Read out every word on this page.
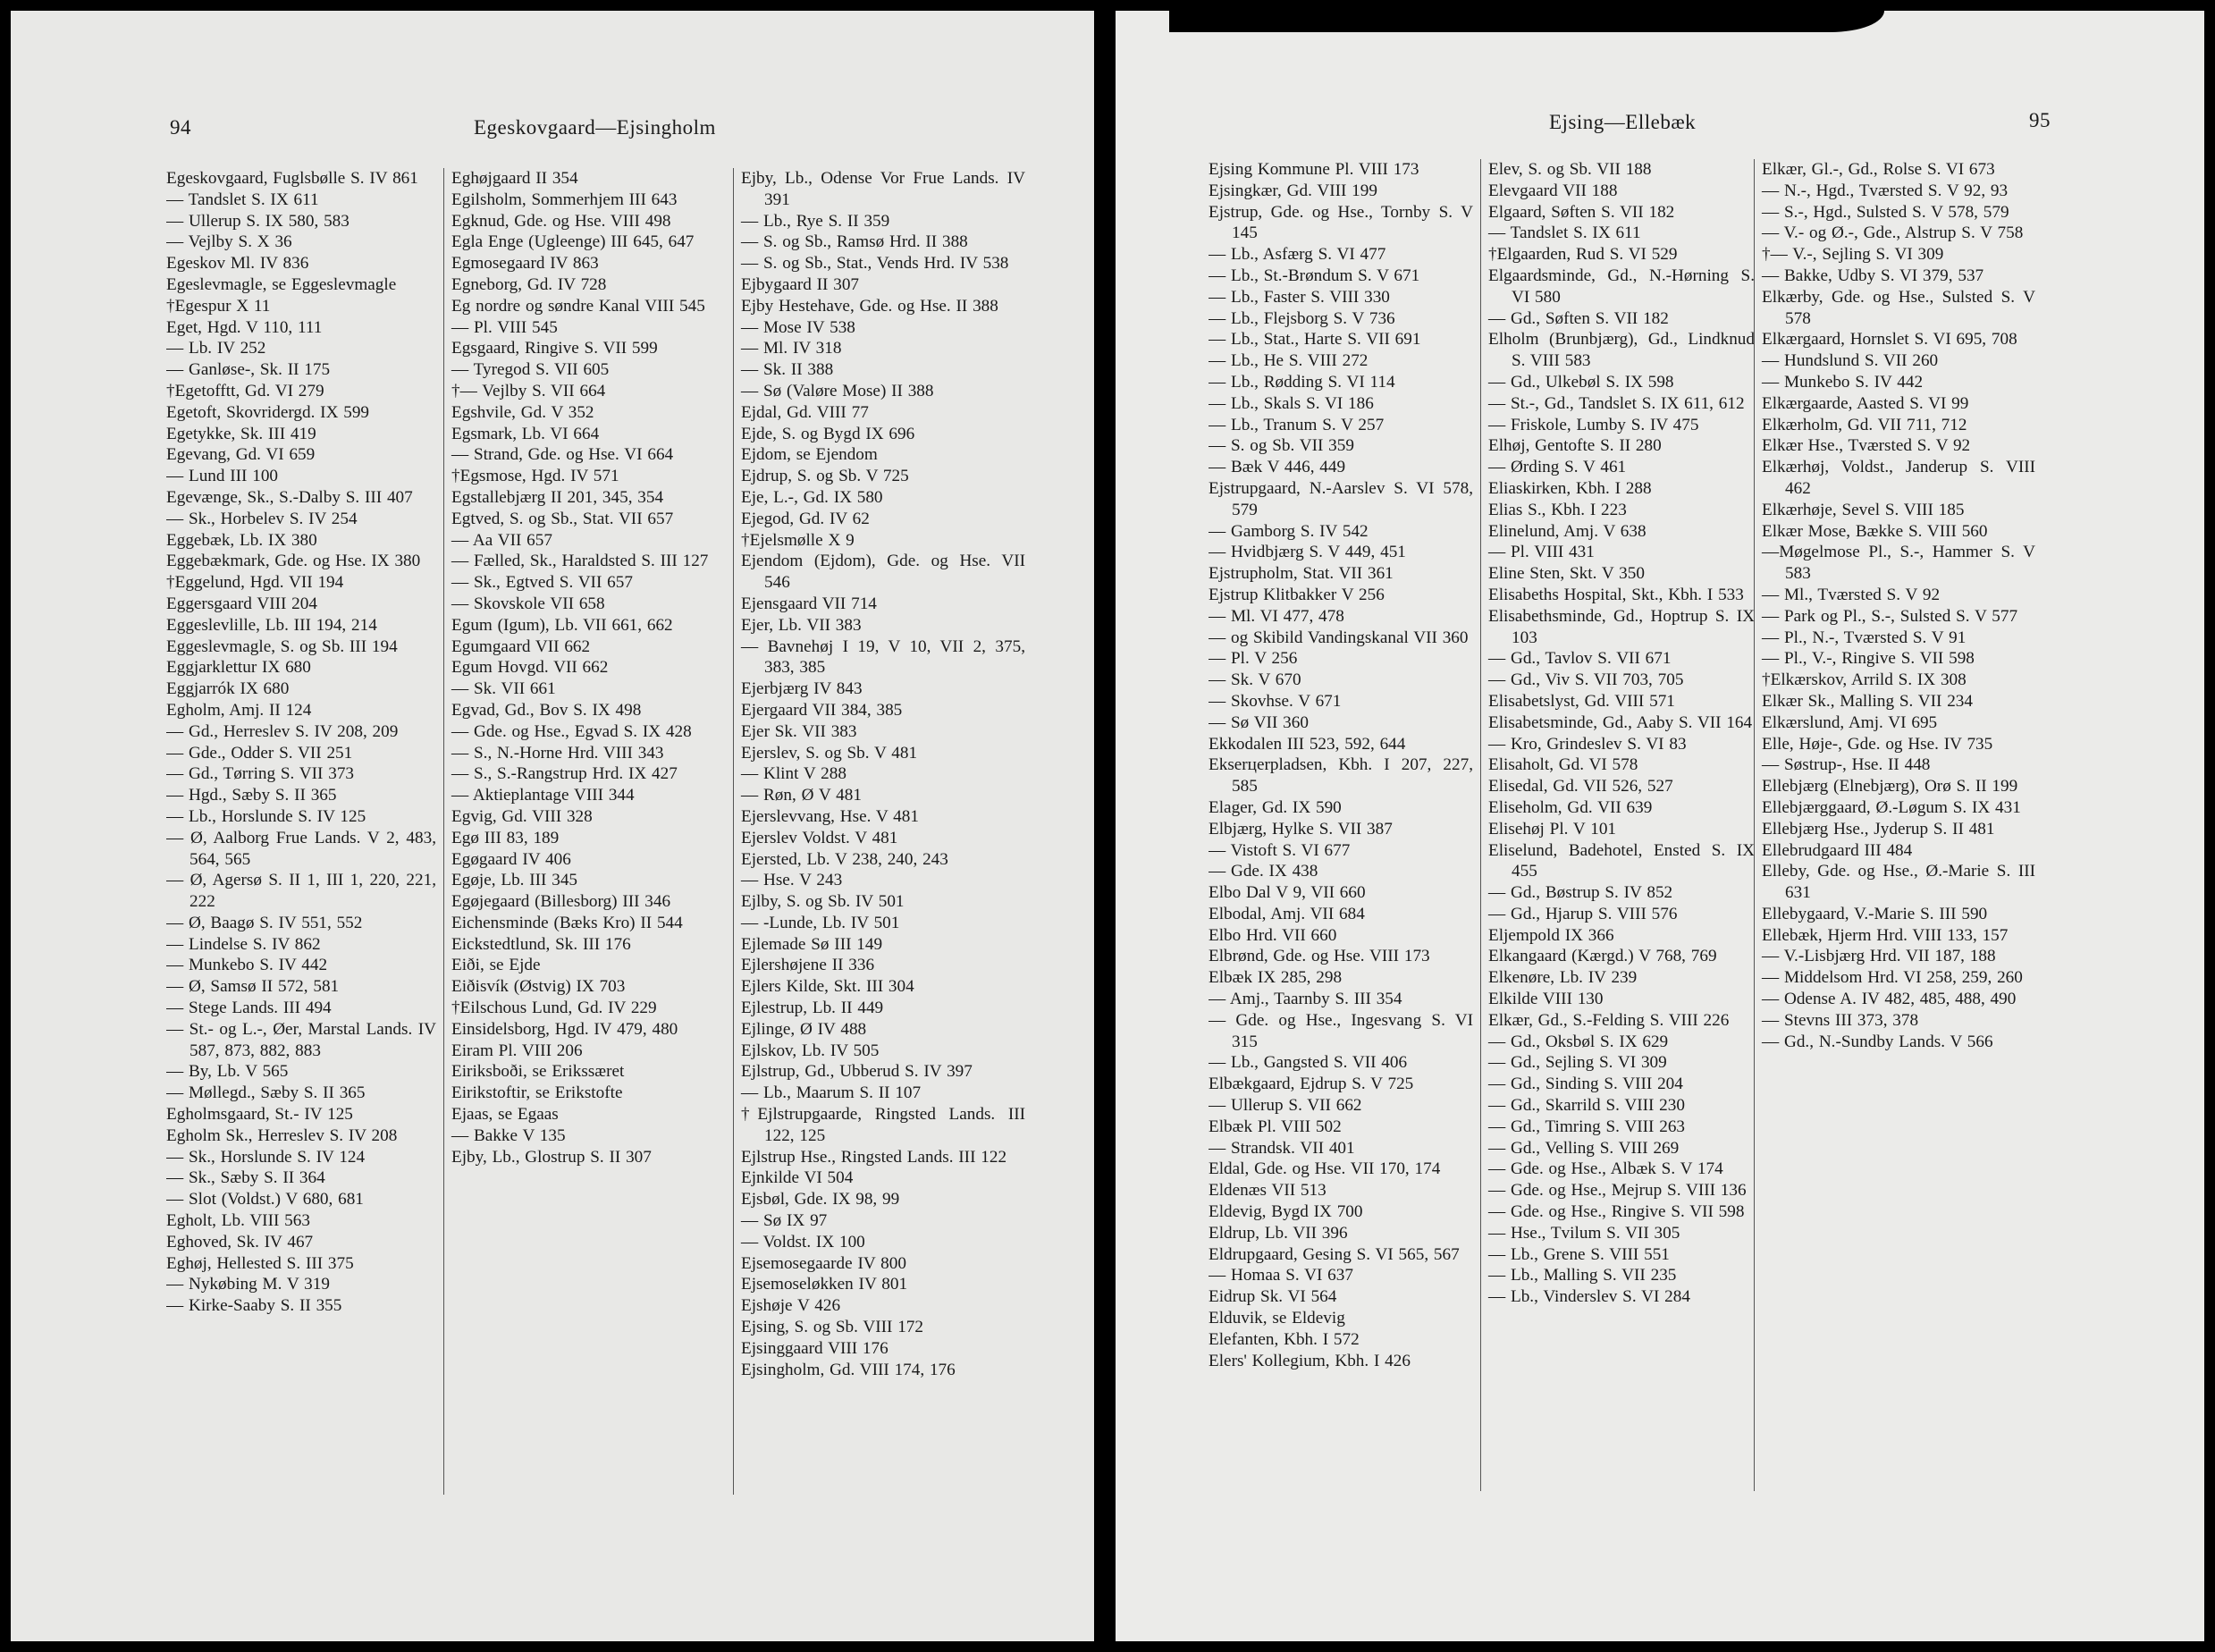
94	Egeskovgaard—Ejsingholm

Egeskovgaard, Fuglsbølle S. IV 861

— Tandslet S. IX 611

— Ullerup S. IX 580, 583

— Vejlby S. X 36

Egeskov Ml. IV 836

Egeslevmagle, se Eggeslevmagle

†Egespur X 11

Eget, Hgd. V 110, 111

— Lb. IV 252

— Ganløse-, Sk. II 175

†Egetofftt, Gd. VI 279

Egetoft, Skovridergd. IX 599

Egetykke, Sk. III 419

Egevang, Gd. VI 659

— Lund III 100

Egevænge, Sk., S.-Dalby S. III 407

— Sk., Horbelev S. IV 254

Eggebæk, Lb. IX 380

Eggebækmark, Gde. og Hse. IX 380

†Eggelund, Hgd. VII 194

Eggersgaard VIII 204

Eggeslevlille, Lb. III 194, 214

Eggeslevmagle, S. og Sb. III 194

Eggjarklettur IX 680

Eggjarrók IX 680

Egholm, Amj. II 124

— Gd., Herreslev S. IV 208, 209

— Gde., Odder S. VII 251

— Gd., Tørring S. VII 373

— Hgd., Sæby S. II 365

— Lb., Horslunde S. IV 125

— Ø, Aalborg Frue Lands. V 2, 483, 564, 565

— Ø, Agersø S. II 1, III 1, 220, 221, 222

— Ø, Baagø S. IV 551, 552

— Lindelse S. IV 862

— Munkebo S. IV 442

— Ø, Samsø II 572, 581

— Stege Lands. III 494

— St.- og L.-, Øer, Marstal Lands. IV 587, 873, 882, 883

— By, Lb. V 565

— Møllegd., Sæby S. II 365

Egholmsgaard, St.- IV 125

Egholm Sk., Herreslev S. IV 208

— Sk., Horslunde S. IV 124

— Sk., Sæby S. II 364

— Slot (Voldst.) V 680, 681

Egholt, Lb. VIII 563

Eghoved, Sk. IV 467

Eghøj, Hellested S. III 375

— Nykøbing M. V 319

— Kirke-Saaby S. II 355

Eghøjgaard II 354

Egilsholm, Sommerhjem III 643

Egknud, Gde. og Hse. VIII 498

Egla Enge (Ugleenge) III 645, 647

Egmosegaard IV 863

Egneborg, Gd. IV 728

Eg nordre og søndre Kanal VIII 545

— Pl. VIII 545

Egsgaard, Ringive S. VII 599

— Tyregod S. VII 605

†— Vejlby S. VII 664

Egshvile, Gd. V 352

Egsmark, Lb. VI 664

— Strand, Gde. og Hse. VI 664

†Egsmose, Hgd. IV 571

Egstallebjærg II 201, 345, 354

Egtved, S. og Sb., Stat. VII 657

— Aa VII 657

— Fælled, Sk., Haraldsted S. III 127

— Sk., Egtved S. VII 657

— Skovskole VII 658

Egum (Igum), Lb. VII 661, 662

Egumgaard VII 662

Egum Hovgd. VII 662

— Sk. VII 661

Egvad, Gd., Bov S. IX 498

— Gde. og Hse., Egvad S. IX 428

— S., N.-Horne Hrd. VIII 343

— S., S.-Rangstrup Hrd. IX 427

— Aktieplantage VIII 344

Egvig, Gd. VIII 328

Egø III 83, 189

Egøgaard IV 406

Egøje, Lb. III 345

Egøjegaard (Billesborg) III 346

Eichensminde (Bæks Kro) II 544

Eickstedtlund, Sk. III 176

Eiði, se Ejde

Eiðisvík (Østvig) IX 703

†Eilschous Lund, Gd. IV 229

Einsidelsborg, Hgd. IV 479, 480

Eiram Pl. VIII 206

Eiriksboði, se Erikssæret

Eirikstoftir, se Erikstofte

Ejaas, se Egaas

— Bakke V 135

Ejby, Lb., Glostrup S. II 307

Ejby, Lb., Odense Vor Frue Lands. IV 391

— Lb., Rye S. II 359

— S. og Sb., Ramsø Hrd. II 388

— S. og Sb., Stat., Vends Hrd. IV 538

Ejbygaard II 307

Ejby Hestehave, Gde. og Hse. II 388

— Mose IV 538

— Ml. IV 318

— Sk. II 388

— Sø (Valøre Mose) II 388

Ejdal, Gd. VIII 77

Ejde, S. og Bygd IX 696

Ejdom, se Ejendom

Ejdrup, S. og Sb. V 725

Eje, L.-, Gd. IX 580

Ejegod, Gd. IV 62

†Ejelsmølle X 9

Ejendom (Ejdom), Gde. og Hse. VII 546

Ejensgaard VII 714

Ejer, Lb. VII 383

— Bavnehøj I 19, V 10, VII 2, 375, 383, 385

Ejerbjærg IV 843

Ejergaard VII 384, 385

Ejer Sk. VII 383

Ejerslev, S. og Sb. V 481

— Klint V 288

— Røn, Ø V 481

Ejerslevvang, Hse. V 481

Ejerslev Voldst. V 481

Ejersted, Lb. V 238, 240, 243

— Hse. V 243

Ejlby, S. og Sb. IV 501

— -Lunde, Lb. IV 501

Ejlemade Sø III 149

Ejlershøjene II 336

Ejlers Kilde, Skt. III 304

Ejlestrup, Lb. II 449

Ejlinge, Ø IV 488

Ejlskov, Lb. IV 505

Ejlstrup, Gd., Ubberud S. IV 397

— Lb., Maarum S. II 107

†Ejlstrupgaarde, Ringsted Lands. III 122, 125

Ejlstrup Hse., Ringsted Lands. III 122

Ejnkilde VI 504

Ejsbøl, Gde. IX 98, 99

— Sø IX 97

— Voldst. IX 100

Ejsemosegaarde IV 800

Ejsemoseløkken IV 801

Ejshøje V 426

Ejsing, S. og Sb. VIII 172

Ejsinggaard VIII 176

Ejsingholm, Gd. VIII 174, 176

Ejsing—Ellebæk	95

Ejsing Kommune Pl. VIII 173

Ejsingkær, Gd. VIII 199

Ejstrup, Gde. og Hse., Tornby S. V 145

— Lb., Asfærg S. VI 477

— Lb., St.-Brøndum S. V 671

— Lb., Faster S. VIII 330

— Lb., Flejsborg S. V 736

— Lb., Stat., Harte S. VII 691

— Lb., He S. VIII 272

— Lb., Rødding S. VI 114

— Lb., Skals S. VI 186

— Lb., Tranum S. V 257

— S. og Sb. VII 359

— Bæk V 446, 449

Ejstrupgaard, N.-Aarslev S. VI 578, 579

— Gamborg S. IV 542

— Hvidbjærg S. V 449, 451

Ejstrupholm, Stat. VII 361

Ejstrup Klitbakker V 256

— Ml. VI 477, 478

— og Skibild Vandingskanal VII 360

— Pl. V 256

— Sk. V 670

— Skovhse. V 671

— Sø VII 360

Ekkodalen III 523, 592, 644

Ekserцerpladsen, Kbh. I 207, 227, 585

Elager, Gd. IX 590

Elbjærg, Hylke S. VII 387

— Vistoft S. VI 677

— Gde. IX 438

Elbo Dal V 9, VII 660

Elbodal, Amj. VII 684

Elbo Hrd. VII 660

Elbrønd, Gde. og Hse. VIII 173

Elbæk IX 285, 298

— Amj., Taarnby S. III 354

— Gde. og Hse., Ingesvang S. VI 315

— Lb., Gangsted S. VII 406

Elbækgaard, Ejdrup S. V 725

— Ullerup S. VII 662

Elbæk Pl. VIII 502

— Strandsk. VII 401

Eldal, Gde. og Hse. VII 170, 174

Eldenæs VII 513

Eldevig, Bygd IX 700

Eldrup, Lb. VII 396

Eldrupgaard, Gesing S. VI 565, 567

— Homaa S. VI 637

Eidrup Sk. VI 564

Elduvik, se Eldevig

Elefanten, Kbh. I 572

Elers' Kollegium, Kbh. I 426

Elev, S. og Sb. VII 188

Elevgaard VII 188

Elgaard, Søften S. VII 182

— Tandslet S. IX 611

†Elgaarden, Rud S. VI 529

Elgaardsminde, Gd., N.-Hørning S. VI 580

— Gd., Søften S. VII 182

Elholm (Brunbjærg), Gd., Lindknud S. VIII 583

— Gd., Ulkebøl S. IX 598

— St.-, Gd., Tandslet S. IX 611, 612

— Friskole, Lumby S. IV 475

Elhøj, Gentofte S. II 280

— Ørding S. V 461

Eliaskirken, Kbh. I 288

Elias S., Kbh. I 223

Elinelund, Amj. V 638

— Pl. VIII 431

Eline Sten, Skt. V 350

Elisabeths Hospital, Skt., Kbh. I 533

Elisabethsminde, Gd., Hoptrup S. IX 103

— Gd., Tavlov S. VII 671

— Gd., Viv S. VII 703, 705

Elisabetslyst, Gd. VIII 571

Elisabetsminde, Gd., Aaby S. VII 164

— Kro, Grindeslev S. VI 83

Elisaholt, Gd. VI 578

Elisedal, Gd. VII 526, 527

Eliseholm, Gd. VII 639

Elisehøj Pl. V 101

Eliselund, Badehotel, Ensted S. IX 455

— Gd., Bøstrup S. IV 852

— Gd., Hjarup S. VIII 576

Eljempold IX 366

Elkangaard (Kærgd.) V 768, 769

Elkenøre, Lb. IV 239

Elkilde VIII 130

Elkær, Gd., S.-Felding S. VIII 226

— Gd., Oksbøl S. IX 629

— Gd., Sejling S. VI 309

— Gd., Sinding S. VIII 204

— Gd., Skarrild S. VIII 230

— Gd., Timring S. VIII 263

— Gd., Velling S. VIII 269

— Gde. og Hse., Albæk S. V 174

— Gde. og Hse., Mejrup S. VIII 136

— Gde. og Hse., Ringive S. VII 598

— Hse., Tvilum S. VII 305

— Lb., Grene S. VIII 551

— Lb., Malling S. VII 235

— Lb., Vinderslev S. VI 284

Elkær, Gl.-, Gd., Rolse S. VI 673

— N.-, Hgd., Tværsted S. V 92, 93

— S.-, Hgd., Sulsted S. V 578, 579

— V.- og Ø.-, Gde., Alstrup S. V 758

†— V.-, Sejling S. VI 309

— Bakke, Udby S. VI 379, 537

Elkærby, Gde. og Hse., Sulsted S. V 578

Elkærgaard, Hornslet S. VI 695, 708

— Hundslund S. VII 260

— Munkebo S. IV 442

Elkærgaarde, Aasted S. VI 99

Elkærholm, Gd. VII 711, 712

Elkær Hse., Tværsted S. V 92

Elkærhøj, Voldst., Janderup S. VIII 462

Elkærhøje, Sevel S. VIII 185

Elkær Mose, Bække S. VIII 560

—Møgelmose Pl., S.-, Hammer S. V 583

— Ml., Tværsted S. V 92

— Park og Pl., S.-, Sulsted S. V 577

— Pl., N.-, Tværsted S. V 91

— Pl., V.-, Ringive S. VII 598

†Elkærskov, Arrild S. IX 308

Elkær Sk., Malling S. VII 234

Elkærslund, Amj. VI 695

Elle, Høje-, Gde. og Hse. IV 735

— Søstrup-, Hse. II 448

Ellebjærg (Elnebjærg), Orø S. II 199

Ellebjærggaard, Ø.-Løgum S. IX 431

Ellebjærg Hse., Jyderup S. II 481

Ellebrudgaard III 484

Elleby, Gde. og Hse., Ø.-Marie S. III 631

Ellebygaard, V.-Marie S. III 590

Ellebæk, Hjerm Hrd. VIII 133, 157

— V.-Lisbjærg Hrd. VII 187, 188

— Middelsom Hrd. VI 258, 259, 260

— Odense A. IV 482, 485, 488, 490

— Stevns III 373, 378

— Gd., N.-Sundby Lands. V 566
